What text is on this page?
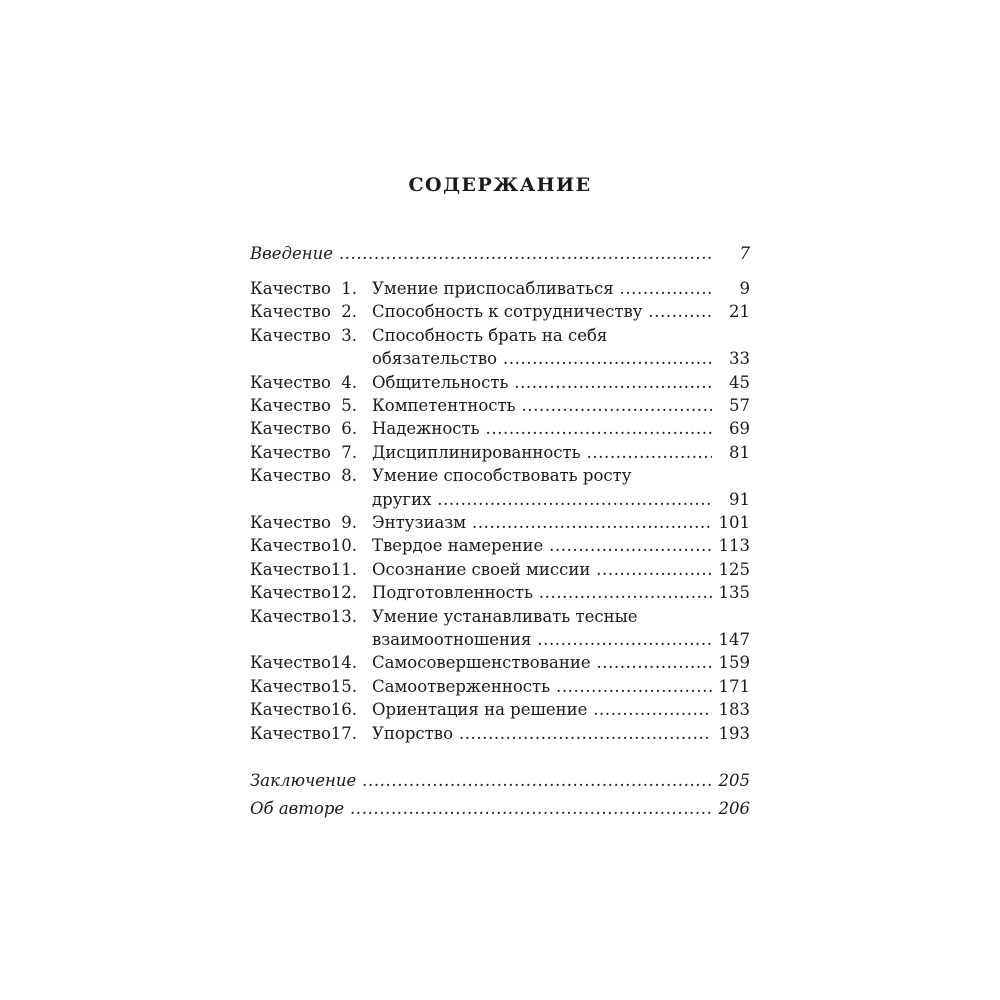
СОДЕРЖАНИЕ
Введение .....	7
Качество 1. Умение приспосабливаться .....	9
Качество 2. Способность к сотрудничеству .....	21
Качество 3. Способность брать на себя
обязательство .....	33
Качество 4. Общительность .....	45
Качество 5. Компетентность .....	57
Качество 6. Надежность .....	69
Качество 7. Дисциплинированность .....	81
Качество 8. Умение способствовать росту
других .....	91
Качество 9. Энтузиазм .....	101
Качество 10. Твердое намерение .....	113
Качество 11. Осознание своей миссии .....	125
Качество 12. Подготовленность .....	135
Качество 13. Умение устанавливать тесные
взаимоотношения .....	147
Качество 14. Самосовершенствование .....	159
Качество 15. Самоотверженность .....	171
Качество 16. Ориентация на решение .....	183
Качество 17. Упорство .....	193
Заключение .....	205
Об авторе .....	206
